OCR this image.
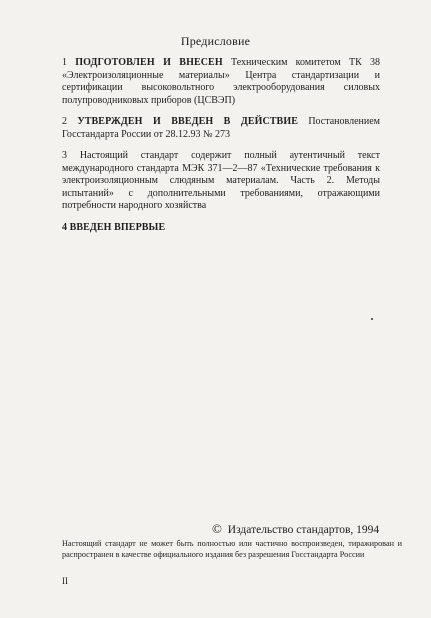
Предисловие

1 ПОДГОТОВЛЕН И ВНЕСЕН Техническим комитетом ТК 38 «Электроизоляционные материалы» Центра стандартизации и сертификации высоковольтного электрооборудования силовых полупроводниковых приборов (ЦСВЭП)

2 УТВЕРЖДЕН И ВВЕДЕН В ДЕЙСТВИЕ Постановлением Госстандарта России от 28.12.93 № 273

3 Настоящий стандарт содержит полный аутентичный текст международного стандарта МЭК 371—2—87 «Технические требования к электроизоляционным слюдяным материалам. Часть 2. Методы испытаний» с дополнительными требованиями, отражающими потребности народного хозяйства

4 ВВЕДЕН ВПЕРВЫЕ

© Издательство стандартов, 1994
Настоящий стандарт не может быть полностью или частично воспроизведен, тиражирован и распространен в качестве официального издания без разрешения Госстандарта России
II
